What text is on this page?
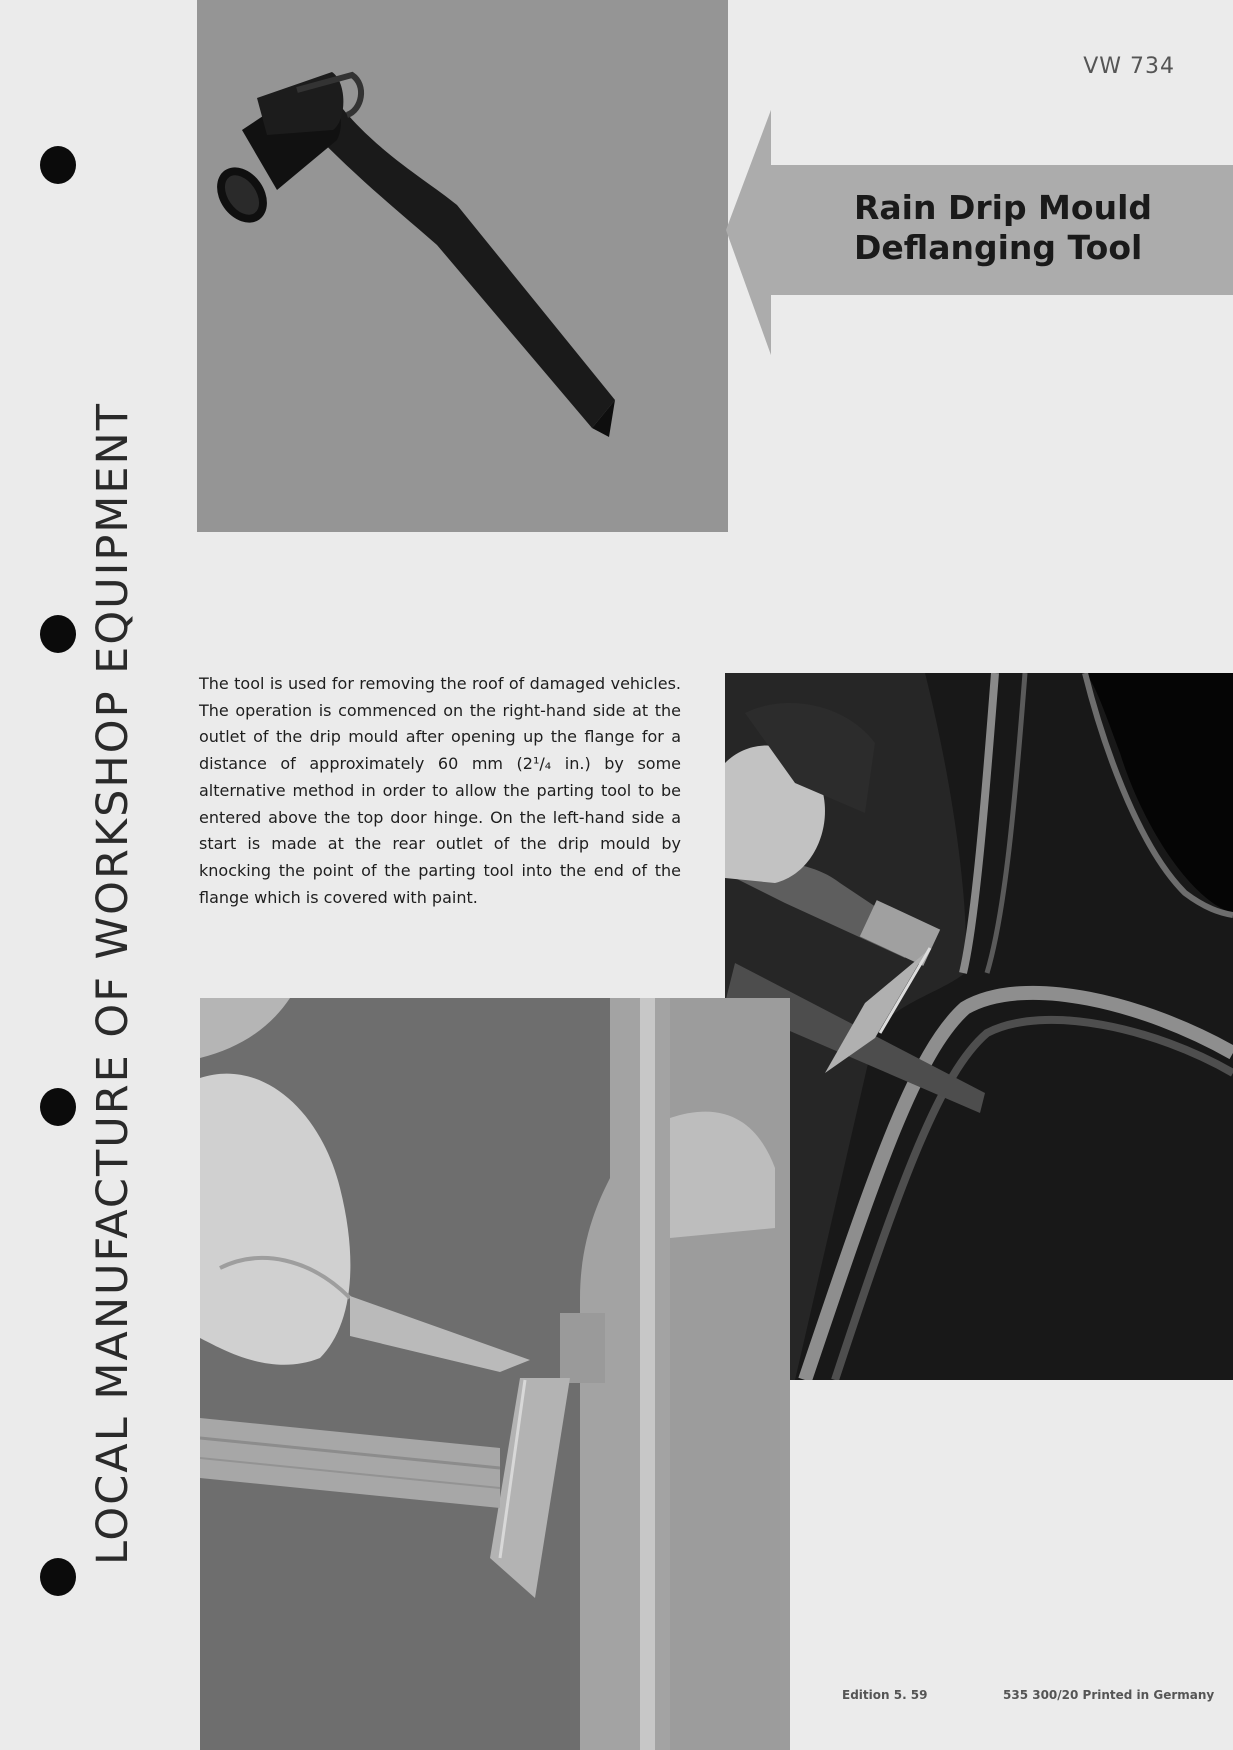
LOCAL MANUFACTURE OF WORKSHOP EQUIPMENT
VW 734
Rain Drip Mould
Deflanging Tool
The tool is used for removing the roof of damaged vehicles. The operation is commenced on the right-hand side at the outlet of the drip mould after opening up the flange for a distance of approximately 60 mm (2¹/₄ in.) by some alternative method in order to allow the parting tool to be entered above the top door hinge. On the left-hand side a start is made at the rear outlet of the drip mould by knocking the point of the parting tool into the end of the flange which is covered with paint.
Edition 5. 59	535 300/20 Printed in Germany
